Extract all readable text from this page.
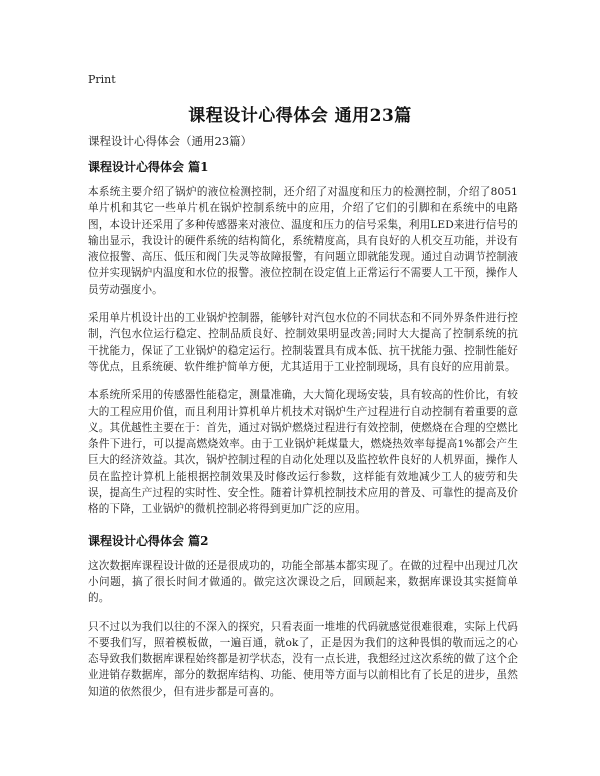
Print
课程设计心得体会 通用23篇
课程设计心得体会（通用23篇）
课程设计心得体会 篇1

本系统主要介绍了锅炉的液位检测控制，还介绍了对温度和压力的检测控制，介绍了8051单片机和其它一些单片机在锅炉控制系统中的应用，介绍了它们的引脚和在系统中的电路图，本设计还采用了多种传感器来对液位、温度和压力的信号采集，利用LED来进行信号的输出显示，我设计的硬件系统的结构简化，系统精度高，具有良好的人机交互功能，并设有液位报警、高压、低压和阀门失灵等故障报警，有问题立即就能发现。通过自动调节控制液位并实现锅炉内温度和水位的报警。液位控制在设定值上正常运行不需要人工干预，操作人员劳动强度小。

采用单片机设计出的工业锅炉控制器，能够针对汽包水位的不同状态和不同外界条件进行控制，汽包水位运行稳定、控制品质良好、控制效果明显改善;同时大大提高了控制系统的抗干扰能力，保证了工业锅炉的稳定运行。控制装置具有成本低、抗干扰能力强、控制性能好等优点，且系统硬、软件维护简单方便，尤其适用于工业控制现场，具有良好的应用前景。

本系统所采用的传感器性能稳定，测量准确，大大简化现场安装，具有较高的性价比，有较大的工程应用价值，而且利用计算机单片机技术对锅炉生产过程进行自动控制有着重要的意义。其优越性主要在于：首先，通过对锅炉燃烧过程进行有效控制，使燃烧在合理的空燃比条件下进行，可以提高燃烧效率。由于工业锅炉耗煤量大，燃烧热效率每提高1%都会产生巨大的经济效益。其次，锅炉控制过程的自动化处理以及监控软件良好的人机界面，操作人员在监控计算机上能根据控制效果及时修改运行参数，这样能有效地减少工人的疲劳和失误，提高生产过程的实时性、安全性。随着计算机控制技术应用的普及、可靠性的提高及价格的下降，工业锅炉的微机控制必将得到更加广泛的应用。

课程设计心得体会 篇2

这次数据库课程设计做的还是很成功的，功能全部基本都实现了。在做的过程中出现过几次小问题，搞了很长时间才做通的。做完这次课设之后，回顾起来，数据库课设其实挺简单的。

只不过以为我们以往的不深入的探究，只看表面一堆堆的代码就感觉很难很难，实际上代码不要我们写，照着模板做，一遍百通，就ok了，正是因为我们的这种畏惧的敬而远之的心态导致我们数据库课程始终都是初学状态，没有一点长进，我想经过这次系统的做了这个企业进销存数据库，部分的数据库结构、功能、使用等方面与以前相比有了长足的进步，虽然知道的依然很少，但有进步都是可喜的。
